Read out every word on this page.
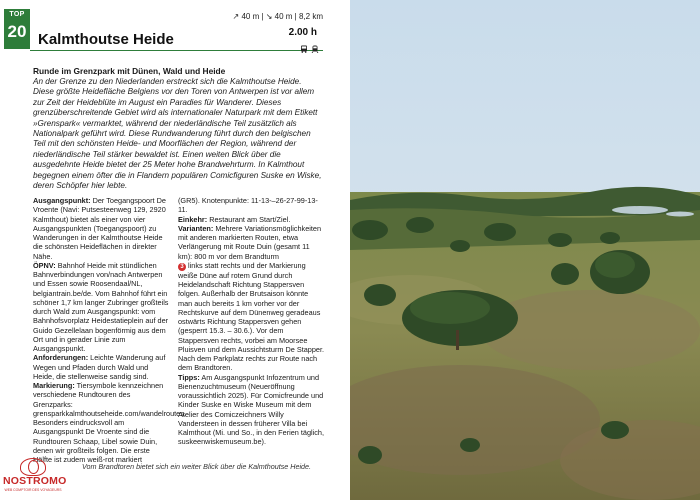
TOP
20 Kalmthoutse Heide
↗ 40 m | ↘ 40 m | 8,2 km
2.00 h

Runde im Grenzpark mit Dünen, Wald und Heide

An der Grenze zu den Niederlanden erstreckt sich die Kalmthoutse Heide. Diese größte Heidefläche Belgiens vor den Toren von Antwerpen ist vor allem zur Zeit der Heideblüte im August ein Paradies für Wanderer. Dieses grenzüberschreitende Gebiet wird als internationaler Naturpark mit dem Etikett »Grenspark« vermarktet, während der niederländische Teil zusätzlich als Nationalpark geführt wird. Diese Rundwanderung führt durch den belgischen Teil mit den schönsten Heide- und Moorflächen der Region, während der niederländische Teil stärker bewaldet ist. Einen weiten Blick über die ausgedehnte Heide bietet der 25 Meter hohe Brandwehrturm. In Kalmthout begegnen einem öfter die in Flandern populären Comicfiguren Suske en Wiske, deren Schöpfer hier lebte.

Ausgangspunkt: Der Toegangspoort De Vroente (Navi: Putsesteenweg 129, 2920 Kalmthout) bietet als einer von vier Ausgangspunkten (Toegangspoort) zu Wanderungen in der Kalmthoutse Heide die schönsten Heideflächen in direkter Nähe.

ÖPNV: Bahnhof Heide mit stündlichen Bahnverbindungen von/nach Antwerpen und Essen sowie Roosendaal/NL, belgiantrain.be/de. Vom Bahnhof führt ein schöner 1,7 km langer Zubringer großteils durch Wald zum Ausgangspunkt: vom Bahnhofsvorplatz Heidestatieplein auf der Guido Gezellelaan bogenförmig aus dem Ort und in gerader Linie zum Ausgangspunkt.

Anforderungen: Leichte Wanderung auf Wegen und Pfaden durch Wald und Heide, die stellenweise sandig sind.

Markierung: Tiersymbole kennzeichnen verschiedene Rundtouren des Grenzparks: grensparkkalmthoutseheide.com/wandelroutes. Besonders eindrucksvoll am Ausgangspunkt De Vroente sind die Rundtouren Schaap, Libel sowie Duin, denen wir großteils folgen. Die erste Hälfte ist zudem weiß-rot markiert

(GR5). Knotenpunkte: 11-13-‒26-27-99-13-11.

Einkehr: Restaurant am Start/Ziel.

Varianten: Mehrere Variationsmöglichkeiten mit anderen markierten Routen, etwa Verlängerung mit Route Duin (gesamt 11 km): 800 m vor dem Brandturm
3 links statt rechts und der Markierung weiße Düne auf rotem Grund durch Heidelandschaft Richtung Stappersven folgen. Außerhalb der Brutsaison könnte man auch bereits 1 km vorher vor der Rechtskurve auf dem Dünenweg geradeaus ostwärts Richtung Stappersven gehen (gesperrt 15.3. – 30.6.). Vor dem Stappersven rechts, vorbei am Moorsee Pluisven und dem Aussichtsturm De Stapper. Nach dem Parkplatz rechts zur Route nach dem Brandtoren.

Tipps: Am Ausgangspunkt Infozentrum und Bienenzuchtmuseum (Neueröffnung voraussichtlich 2025). Für Comicfreunde und Kinder Suske en Wiske Museum mit dem Atelier des Comiczeichners Willy Vandersteen in dessen früherer Villa bei Kalmthout (Mi. und So., in den Ferien täglich, suskeenwiskemuseum.be).

Vom Brandtoren bietet sich ein weiter Blick über die Kalmthoutse Heide.
NOSTROMO
WEB COMPTOIR DES VOYAGEURS
